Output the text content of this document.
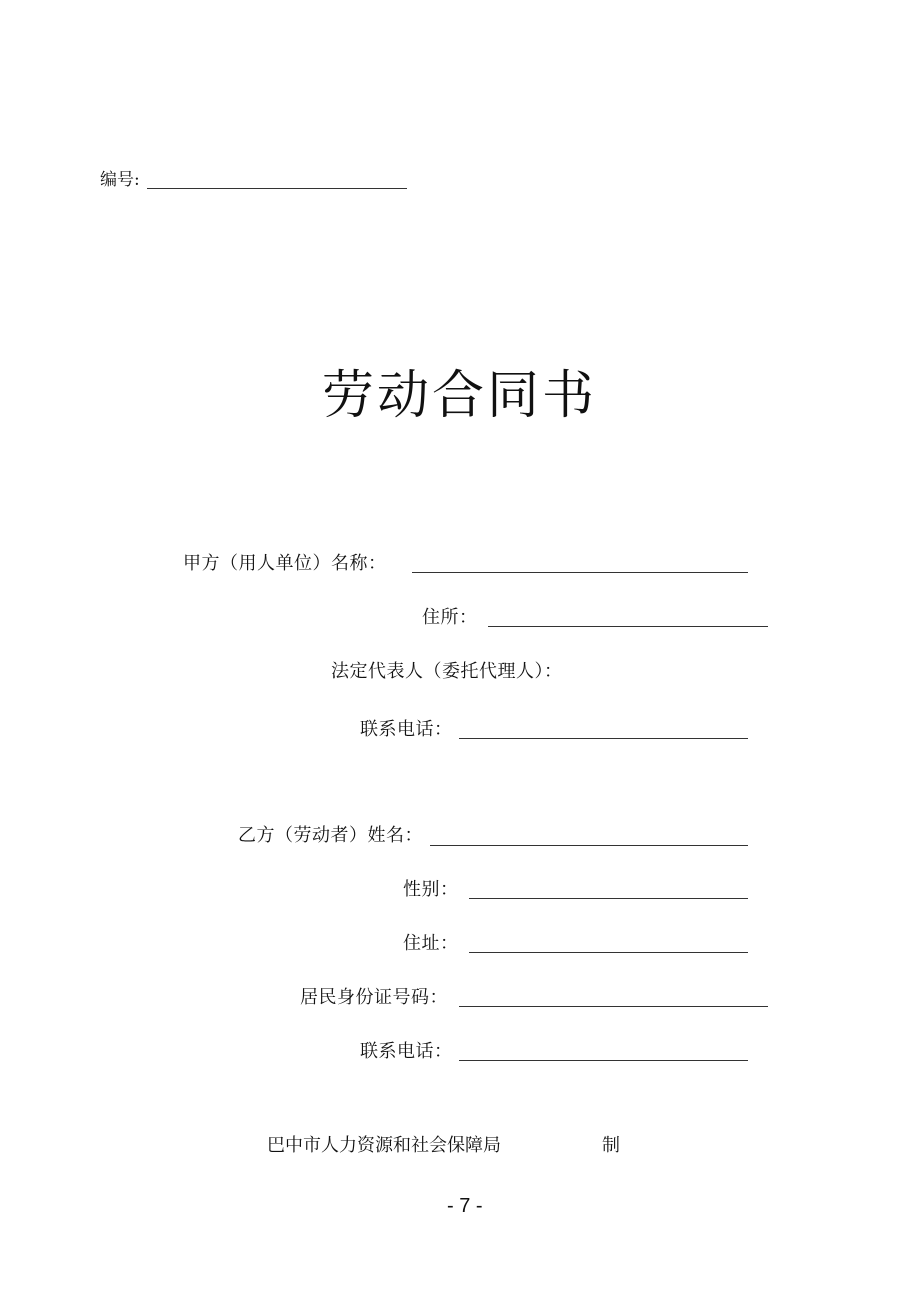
编号:
劳动合同书
甲方（用人单位）名称：
住所：
法定代表人（委托代理人）：
联系电话：
乙方（劳动者）姓名：
性别：
住址：
居民身份证号码：
联系电话：
巴中市人力资源和社会保障局	制
- 7 -
